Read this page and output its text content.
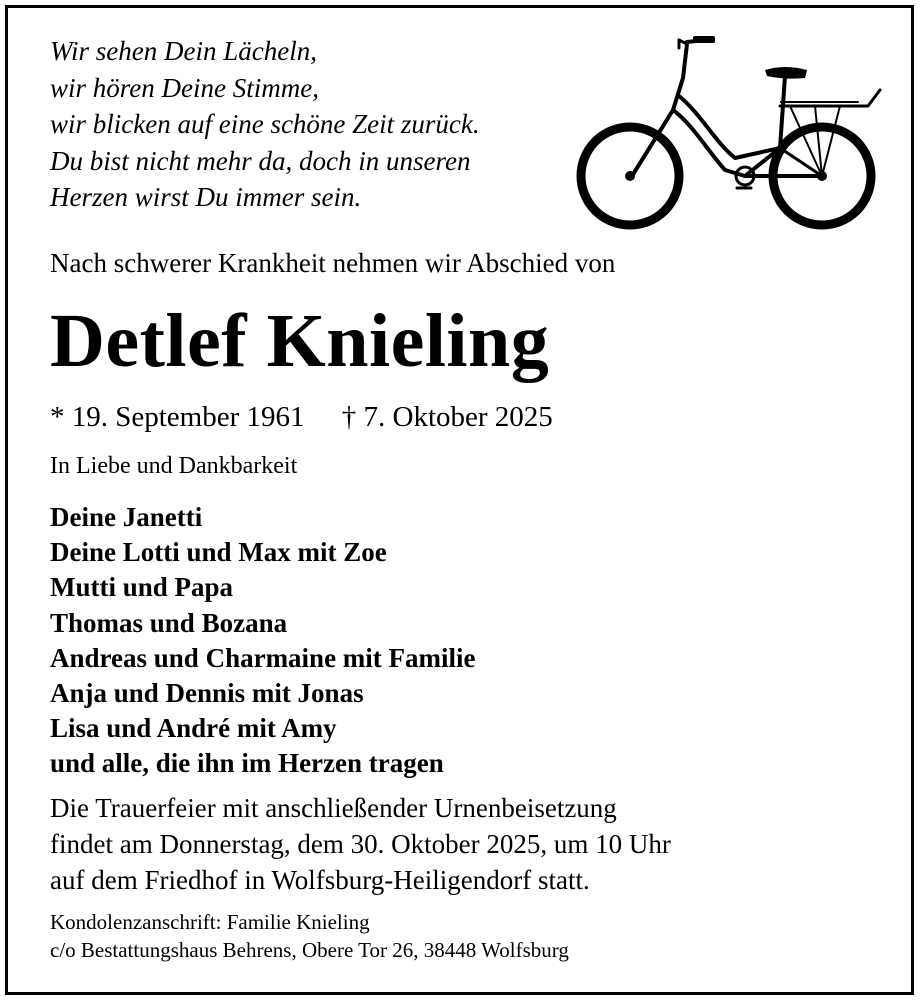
Wir sehen Dein Lächeln,
wir hören Deine Stimme,
wir blicken auf eine schöne Zeit zurück.
Du bist nicht mehr da, doch in unseren
Herzen wirst Du immer sein.
Nach schwerer Krankheit nehmen wir Abschied von
Detlef Knieling
* 19. September 1961 † 7. Oktober 2025
In Liebe und Dankbarkeit
Deine Janetti
Deine Lotti und Max mit Zoe
Mutti und Papa
Thomas und Bozana
Andreas und Charmaine mit Familie
Anja und Dennis mit Jonas
Lisa und André mit Amy
und alle, die ihn im Herzen tragen
Die Trauerfeier mit anschließender Urnenbeisetzung
findet am Donnerstag, dem 30. Oktober 2025, um 10 Uhr
auf dem Friedhof in Wolfsburg-Heiligendorf statt.
Kondolenzanschrift: Familie Knieling
c/o Bestattungshaus Behrens, Obere Tor 26, 38448 Wolfsburg
